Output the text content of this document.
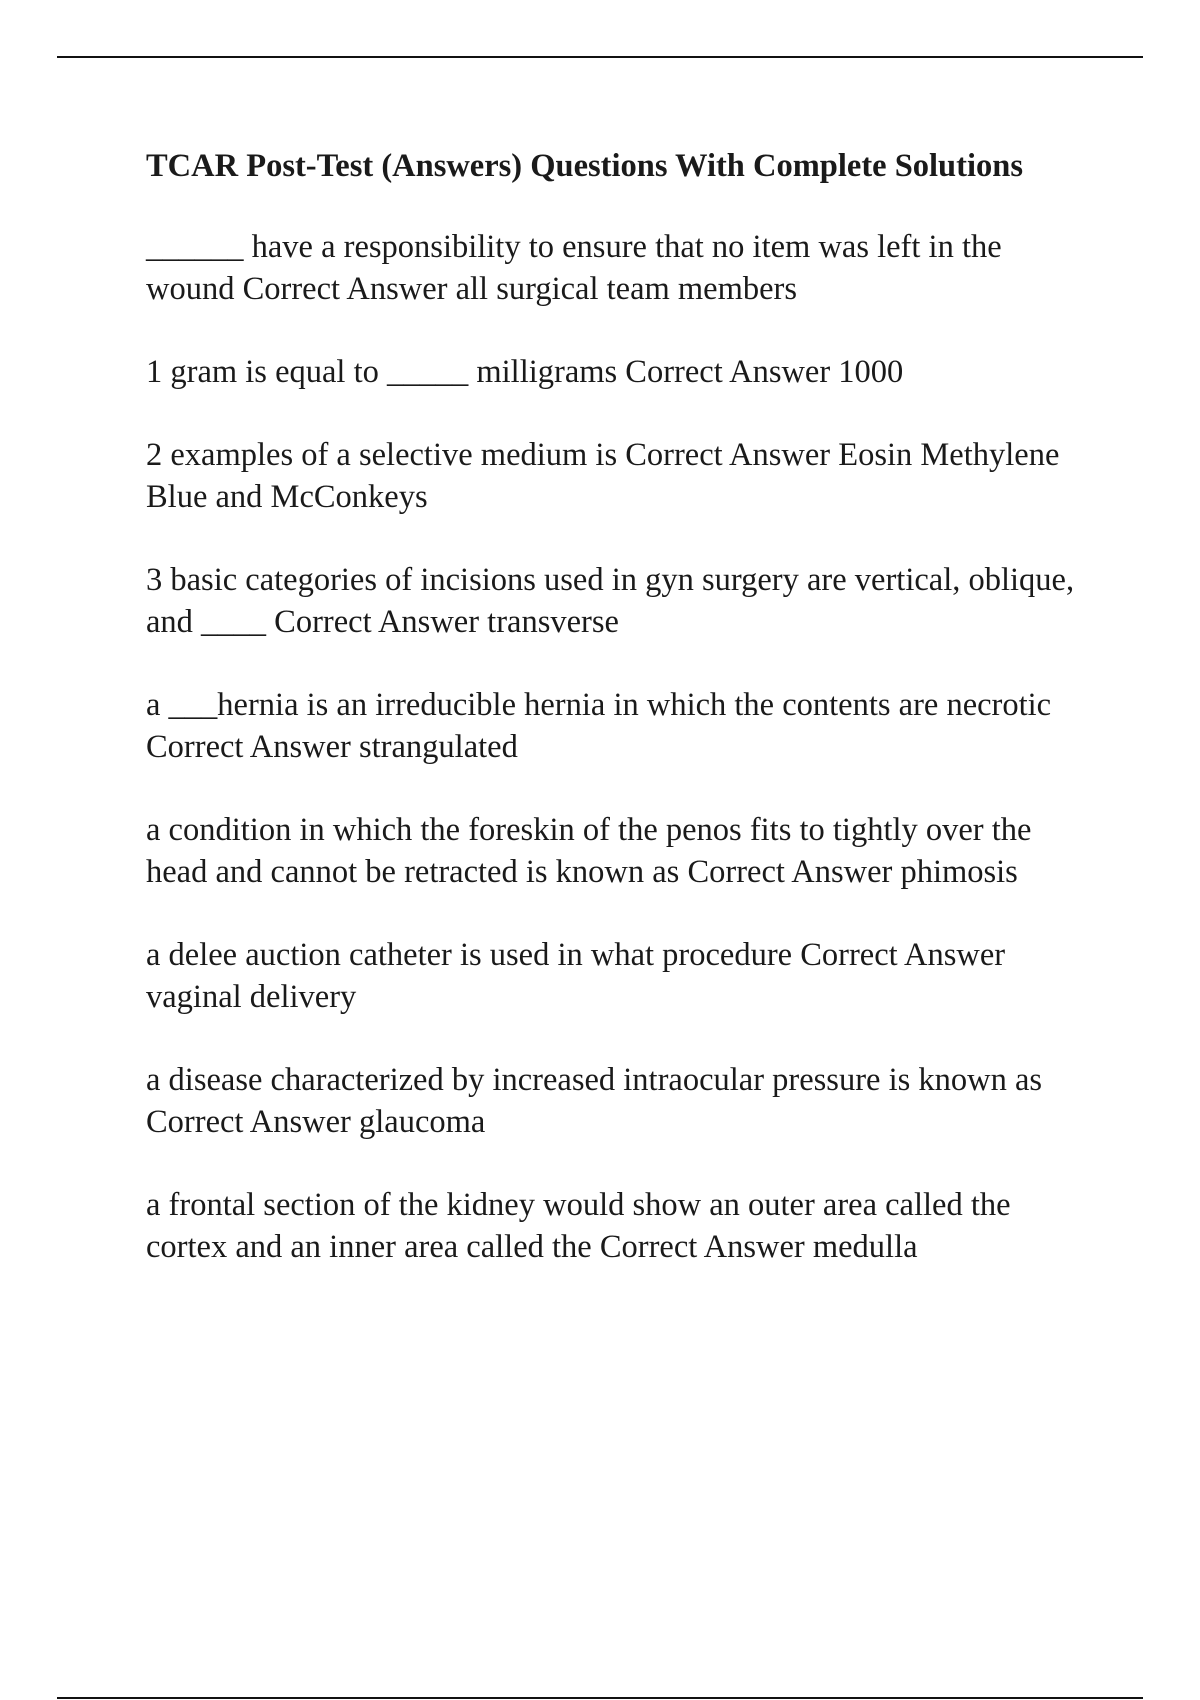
TCAR Post-Test (Answers) Questions With Complete Solutions
______ have a responsibility to ensure that no item was left in the wound Correct Answer all surgical team members
1 gram is equal to _____ milligrams Correct Answer 1000
2 examples of a selective medium is Correct Answer Eosin Methylene Blue and McConkeys
3 basic categories of incisions used in gyn surgery are vertical, oblique, and ____ Correct Answer transverse
a ___hernia is an irreducible hernia in which the contents are necrotic Correct Answer strangulated
a condition in which the foreskin of the penos fits to tightly over the head and cannot be retracted is known as Correct Answer phimosis
a delee auction catheter is used in what procedure Correct Answer vaginal delivery
a disease characterized by increased intraocular pressure is known as Correct Answer glaucoma
a frontal section of the kidney would show an outer area called the cortex and an inner area called the Correct Answer medulla
